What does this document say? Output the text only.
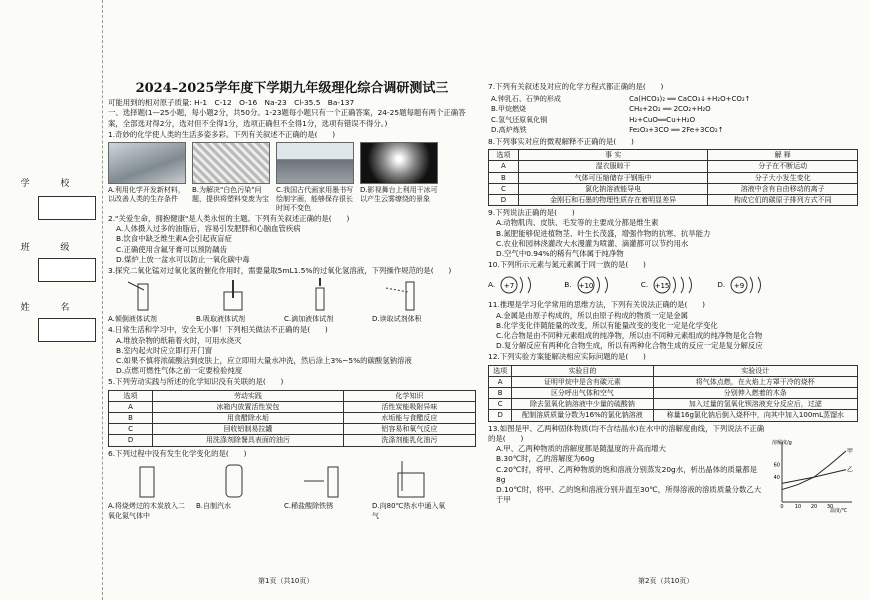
学 校
班 级
姓 名
2024–2025学年度下学期九年级理化综合调研测试三
可能用到的相对原子质量: H-1　C-12　O-16　Na-23　Cl-35.5　Ba-137
一、选择题(1—25小题，每小题2分，共50分。1-23题每小题只有一个正确答案，24-25题每题有两个正确答案，全部选对得2分，选对但不全得1分，选项正确但不全得1分，选项有错误不得分。)
1.奇妙的化学使人类的生活多姿多彩。下列有关叙述不正确的是(　　)
A.利用化学开发新材料，以改善人类的生存条件
B.为解决"白色污染"问题，提供将塑料变废为宝
C.我国古代画家用墨书写绘制字画，能够保存很长时间不变色
D.影视舞台上利用干冰可以产生云雾缭绕的景象
2."关爱生命，拥抱健康"是人类永恒的主题。下列有关叙述正确的是(　　)
A.人体摄入过多的油脂后，容易引发肥胖和心脑血管疾病
B.饮食中缺乏维生素A会引起夜盲症
C.正确使用含氟牙膏可以预防龋齿
D.煤炉上放一盆水可以防止一氧化碳中毒
3.探究二氧化锰对过氧化氢的催化作用时，需要量取5mL1.5%的过氧化氢溶液，下列操作规范的是(　　)
A.倾倒液体试剂	B.吸取液体试剂	C.滴加液体试剂	D.读取试剂体积
4.日常生活和学习中，安全无小事！下列相关做法不正确的是(　　)
A.堆放杂物的纸箱着火时，可用水浇灭
B.室内起火时应立即打开门窗
C.如果不慎将浓硫酸沾到皮肤上，应立即用大量水冲洗，然后涂上3%~5%的碳酸氢钠溶液
D.点燃可燃性气体之前一定要检验纯度
5.下列劳动实践与所述的化学知识没有关联的是(　　)
选项	劳动实践	化学知识
A	冰箱内放置活性炭包	活性炭能吸附异味
B	用食醋除水垢	水垢能与食醋反应
C	回收铝制易拉罐	铝容易和氧气反应
D	用洗涤剂除餐具表面的油污	洗涤剂能乳化油污
6.下列过程中没有发生化学变化的是(　　)
A.将烧烤过的木炭放入二氧化氮气体中
B.自制汽水	C.稀盐酸除铁锈	D.向80℃热水中通入氧气
第1页（共10页）
7.下列有关叙述及对应的化学方程式都正确的是(　　)
A.钟乳石、石笋的形成	Ca(HCO₃)₂ ══ CaCO₃↓+H₂O+CO₂↑
B.甲烷燃烧	CH₄+2O₂ ══ 2CO₂+H₂O
C.氢气还原氧化铜	H₂+CuO══Cu+H₂O
D.高炉炼铁	Fe₂O₃+3CO ══ 2Fe+3CO₂↑
8.下列事实对应的微观解释不正确的是(　　)
选项	事 实	解 释
A	湿衣服晾干	分子在不断运动
B	气体可压缩储存于钢瓶中	分子大小发生变化
C	氯化钠溶液能导电	溶液中含有自由移动的离子
D	金刚石和石墨的物理性质存在着明显差异	构成它们的碳原子排列方式不同
9.下列说法正确的是(　　)
A.动物肌肉、皮肤、毛发等的主要成分都是维生素
B.氮肥能够促进植物茎、叶生长茂盛，增强作物的抗寒、抗旱能力
C.农业和园林浇灌改大水漫灌为喷灌、滴灌都可以节约用水
D.空气中0.94%的稀有气体属于纯净物
10.下列所示元素与氮元素属于同一族的是(　　)
A. +7	B. +10	C. +15	D. +9
11.推理是学习化学常用的思维方法，下列有关说法正确的是(　　)
A.金属是由原子构成的，所以由原子构成的物质一定是金属
B.化学变化伴随能量的改变，所以有能量改变的变化一定是化学变化
C.化合物是由不同种元素组成的纯净物，所以由不同种元素组成的纯净物是化合物
D.复分解反应有两种化合物生成，所以有两种化合物生成的反应一定是复分解反应
12.下列实验方案能解决相应实际问题的是(　　)
选项	实验目的	实验设计
A	证明甲烷中是含有碳元素	将气体点燃，在火焰上方罩干冷的烧杯
B	区分呼出气体和空气	分别伸入燃着的木条
C	除去氢氧化钠溶液中少量的硫酸钠	加入过量的氢氧化钡溶液充分反应后，过滤
D	配制溶质质量分数为16%的氯化钠溶液	称量16g氯化钠后倒入烧杯中，向其中加入100mL蒸馏水
13.如图是甲、乙两种固体物质(均不含结晶水)在水中的溶解度曲线，下列说法不正确的是(　　)
A.甲、乙两种物质的溶解度都是随温度的升高而增大
B.30℃时，乙的溶解度为60g
C.20℃时，将甲、乙两种物质的饱和溶液分别蒸发20g水，析出晶体的质量都是8g
D.10℃时，将甲、乙的饱和溶液分别升温至30℃，所得溶液的溶质质量分数乙大于甲
溶解度/g
温度/℃
0 10 20 30
40
60
甲
乙
第2页（共10页）
